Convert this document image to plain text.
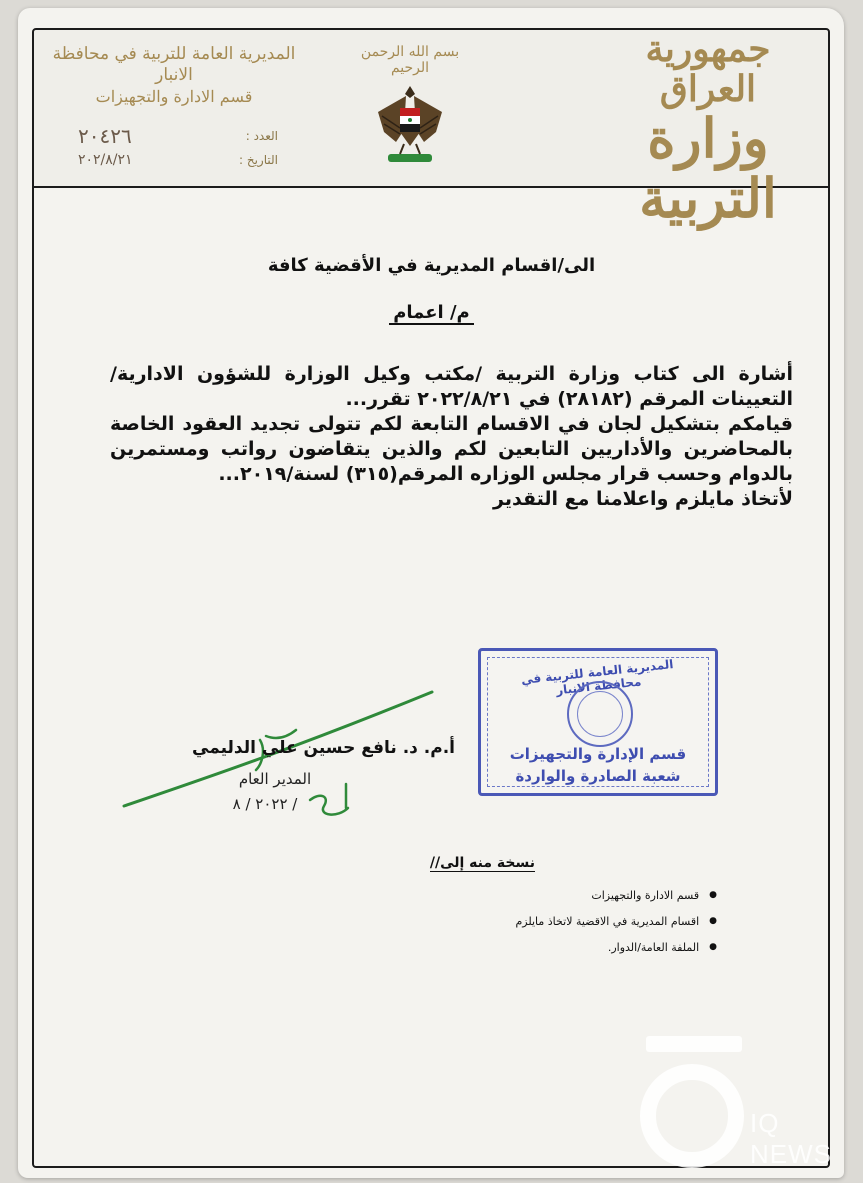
جمهورية العراق
وزارة التربية
بسم الله الرحمن الرحيم
المديرية العامة للتربية في محافظة الانبار
قسم الادارة والتجهيزات
العدد :
٢٠٤٢٦
التاريخ :
٢٠٢/٨/٢١
الى/اقسام المديرية في الأقضية كافة
م/ اعمام

أشارة الى كتاب وزارة التربية /مكتب وكيل الوزارة للشؤون الادارية/التعيينات المرقم (٢٨١٨٢) في ٢٠٢٢/٨/٢١ تقرر...

قيامكم بتشكيل لجان في الاقسام التابعة لكم تتولى تجديد العقود الخاصة بالمحاضرين والأداريين التابعين لكم والذين يتقاضون رواتب ومستمرين بالدوام وحسب قرار مجلس الوزاره المرقم(٣١٥) لسنة/٢٠١٩...

لأتخاذ مايلزم واعلامنا مع التقدير

المديرية العامة للتربية في محافظة الانبار
قسم الإدارة والتجهيزات
شعبة الصادرة والواردة
أ.م. د. نافع حسين علي الدليمي
المدير العام
٢٠٢٢ / ٨ /
نسخة منه إلى//
● قسم الادارة والتجهيزات
● اقسام المديرية في الاقضية لاتخاذ مايلزم
● الملفة العامة/الدوار.
IQ NEWS
